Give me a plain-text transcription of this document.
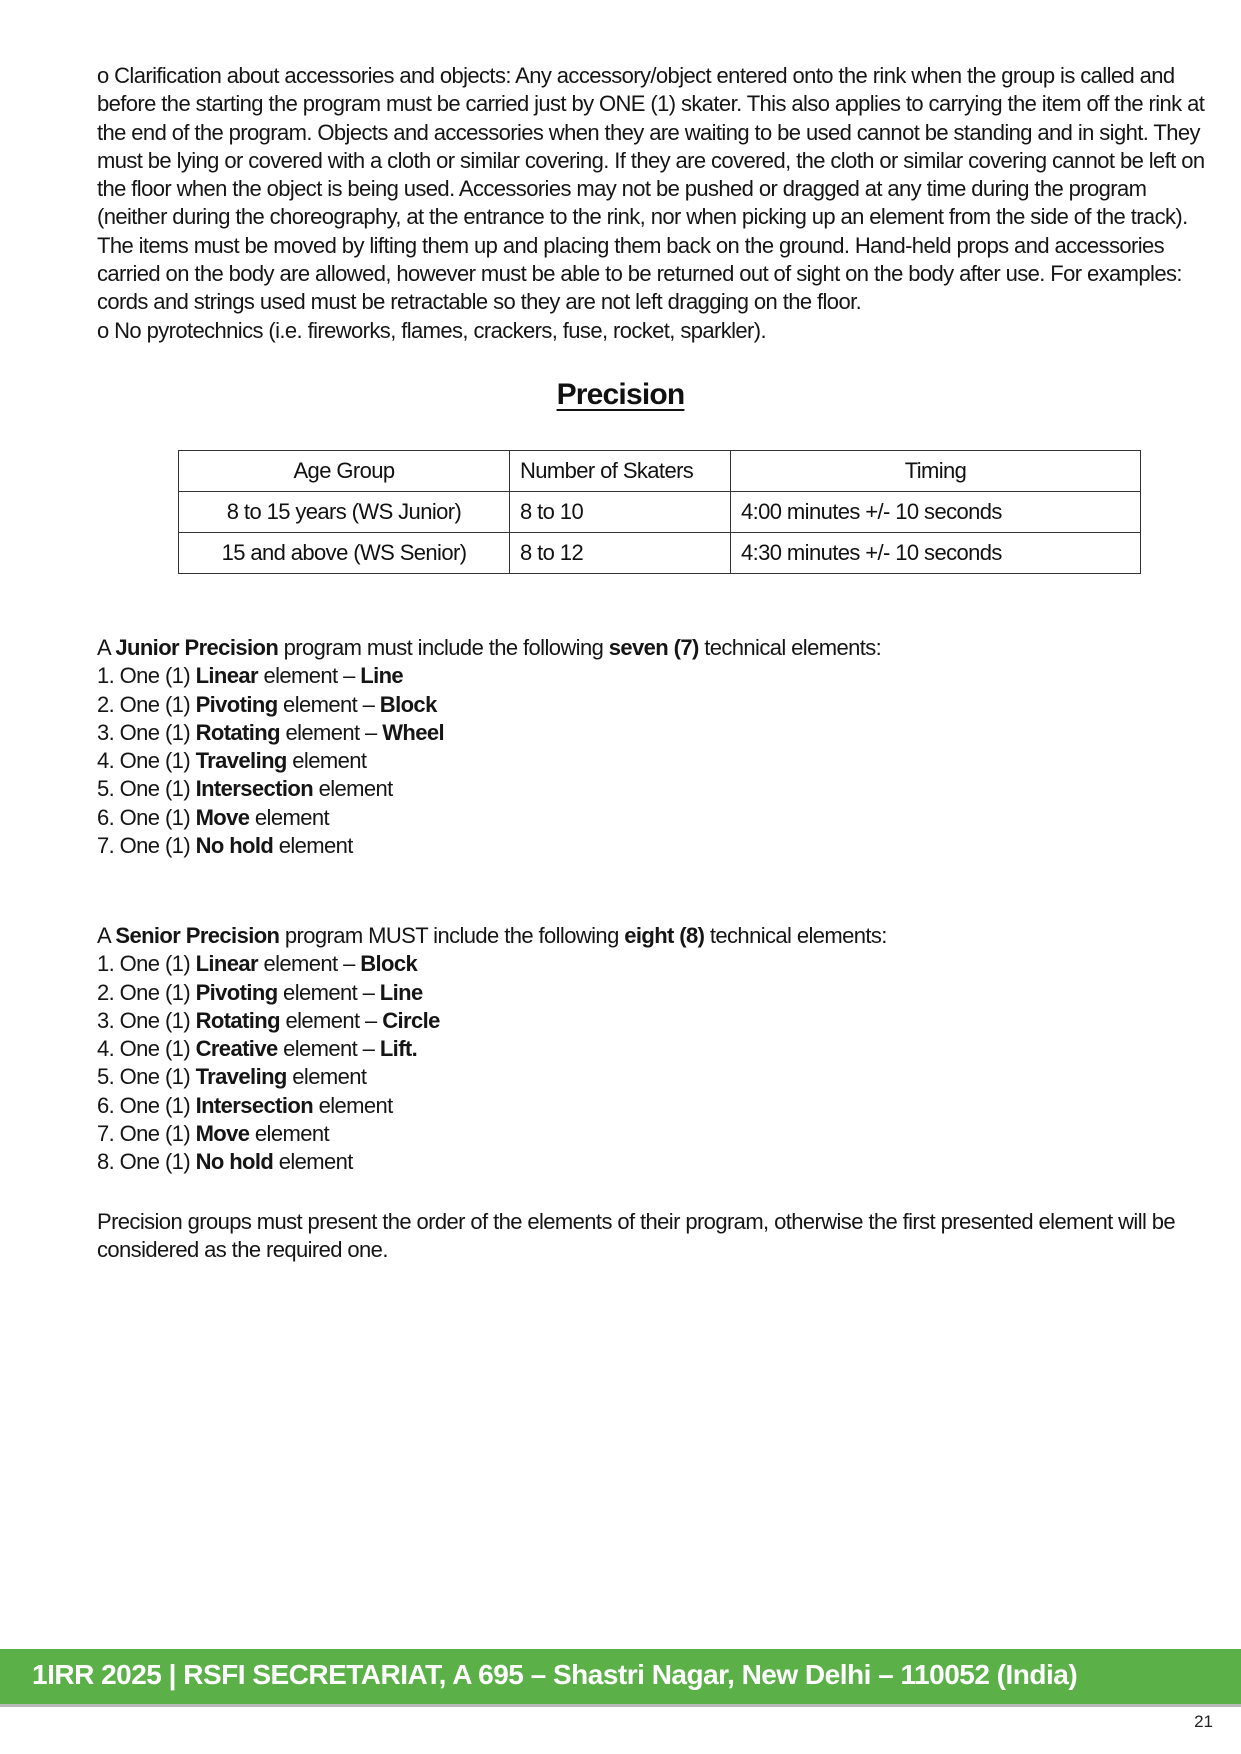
o Clarification about accessories and objects: Any accessory/object entered onto the rink when the group is called and before the starting the program must be carried just by ONE (1) skater. This also applies to carrying the item off the rink at the end of the program. Objects and accessories when they are waiting to be used cannot be standing and in sight. They must be lying or covered with a cloth or similar covering. If they are covered, the cloth or similar covering cannot be left on the floor when the object is being used. Accessories may not be pushed or dragged at any time during the program (neither during the choreography, at the entrance to the rink, nor when picking up an element from the side of the track). The items must be moved by lifting them up and placing them back on the ground. Hand-held props and accessories carried on the body are allowed, however must be able to be returned out of sight on the body after use. For examples: cords and strings used must be retractable so they are not left dragging on the floor.

o No pyrotechnics (i.e. fireworks, flames, crackers, fuse, rocket, sparkler).

Precision
Age Group	Number of Skaters	Timing
8 to 15 years (WS Junior)	8 to 10	4:00 minutes +/- 10 seconds
15 and above (WS Senior)	8 to 12	4:30 minutes +/- 10 seconds

A Junior Precision program must include the following seven (7) technical elements:

1. One (1) Linear element – Line

2. One (1) Pivoting element – Block

3. One (1) Rotating element – Wheel

4. One (1) Traveling element

5. One (1) Intersection element

6. One (1) Move element

7. One (1) No hold element

A Senior Precision program MUST include the following eight (8) technical elements:

1. One (1) Linear element – Block

2. One (1) Pivoting element – Line

3. One (1) Rotating element – Circle

4. One (1) Creative element – Lift.

5. One (1) Traveling element

6. One (1) Intersection element

7. One (1) Move element

8. One (1) No hold element

Precision groups must present the order of the elements of their program, otherwise the first presented element will be considered as the required one.

1IRR 2025 | RSFI SECRETARIAT, A 695 – Shastri Nagar, New Delhi – 110052 (India)
21
